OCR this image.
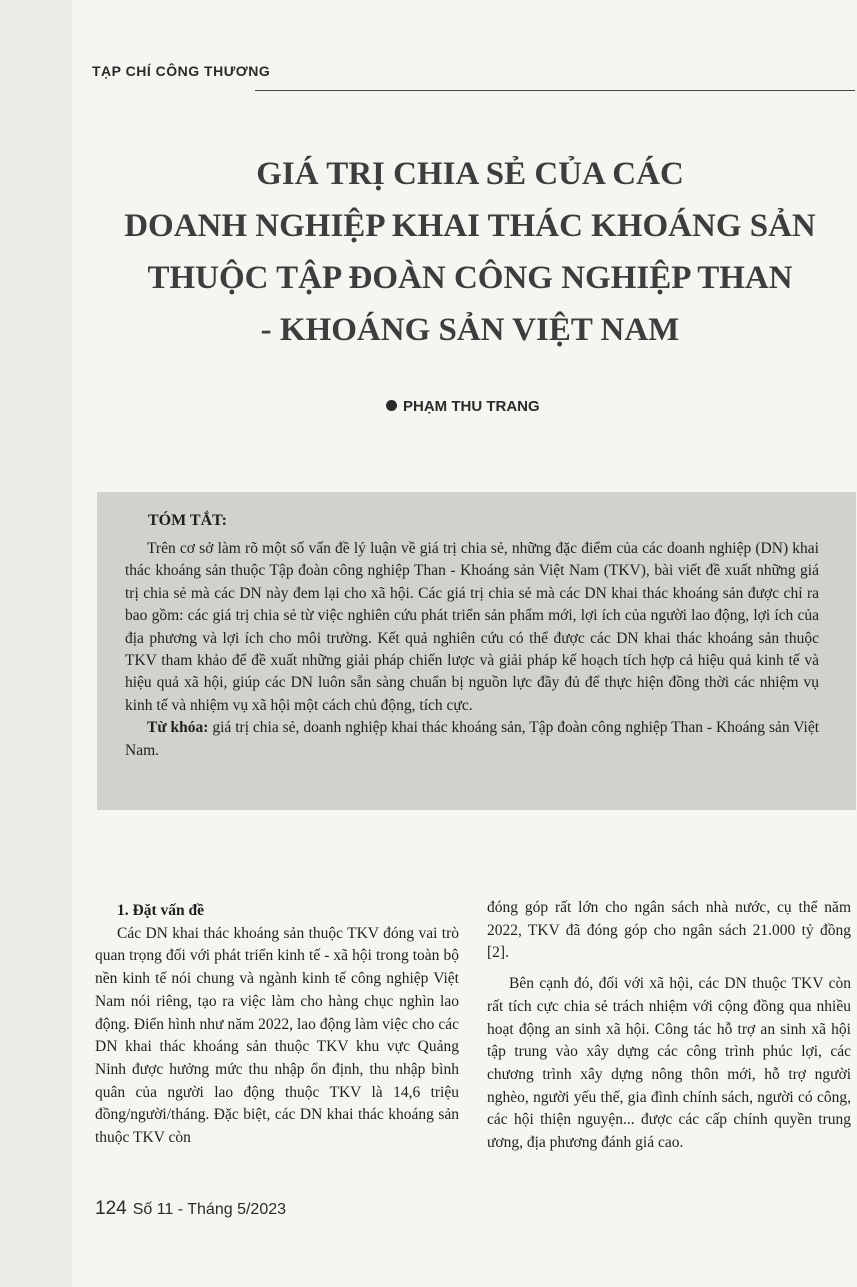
TẠP CHÍ CÔNG THƯƠNG
GIÁ TRỊ CHIA SẺ CỦA CÁC
DOANH NGHIỆP KHAI THÁC KHOÁNG SẢN
THUỘC TẬP ĐOÀN CÔNG NGHIỆP THAN
- KHOÁNG SẢN VIỆT NAM
PHẠM THU TRANG
TÓM TẮT:

Trên cơ sở làm rõ một số vấn đề lý luận về giá trị chia sẻ, những đặc điểm của các doanh nghiệp (DN) khai thác khoáng sản thuộc Tập đoàn công nghiệp Than - Khoáng sản Việt Nam (TKV), bài viết đề xuất những giá trị chia sẻ mà các DN này đem lại cho xã hội. Các giá trị chia sẻ mà các DN khai thác khoáng sản được chỉ ra bao gồm: các giá trị chia sẻ từ việc nghiên cứu phát triển sản phẩm mới, lợi ích của người lao động, lợi ích của địa phương và lợi ích cho môi trường. Kết quả nghiên cứu có thể được các DN khai thác khoáng sản thuộc TKV tham khảo để đề xuất những giải pháp chiến lược và giải pháp kế hoạch tích hợp cả hiệu quả kinh tế và hiệu quả xã hội, giúp các DN luôn sẵn sàng chuẩn bị nguồn lực đầy đủ để thực hiện đồng thời các nhiệm vụ kinh tế và nhiệm vụ xã hội một cách chủ động, tích cực.

Từ khóa: giá trị chia sẻ, doanh nghiệp khai thác khoáng sản, Tập đoàn công nghiệp Than - Khoáng sản Việt Nam.

1. Đặt vấn đề

Các DN khai thác khoáng sản thuộc TKV đóng vai trò quan trọng đối với phát triển kinh tế - xã hội trong toàn bộ nền kinh tế nói chung và ngành kinh tế công nghiệp Việt Nam nói riêng, tạo ra việc làm cho hàng chục nghìn lao động. Điển hình như năm 2022, lao động làm việc cho các DN khai thác khoáng sản thuộc TKV khu vực Quảng Ninh được hưởng mức thu nhập ổn định, thu nhập bình quân của người lao động thuộc TKV là 14,6 triệu đồng/người/tháng. Đặc biệt, các DN khai thác khoáng sản thuộc TKV còn

đóng góp rất lớn cho ngân sách nhà nước, cụ thể năm 2022, TKV đã đóng góp cho ngân sách 21.000 tỷ đồng [2].

Bên cạnh đó, đối với xã hội, các DN thuộc TKV còn rất tích cực chia sẻ trách nhiệm với cộng đồng qua nhiều hoạt động an sinh xã hội. Công tác hỗ trợ an sinh xã hội tập trung vào xây dựng các công trình phúc lợi, các chương trình xây dựng nông thôn mới, hỗ trợ người nghèo, người yếu thế, gia đình chính sách, người có công, các hội thiện nguyện... được các cấp chính quyền trung ương, địa phương đánh giá cao.

124 Số 11 - Tháng 5/2023
